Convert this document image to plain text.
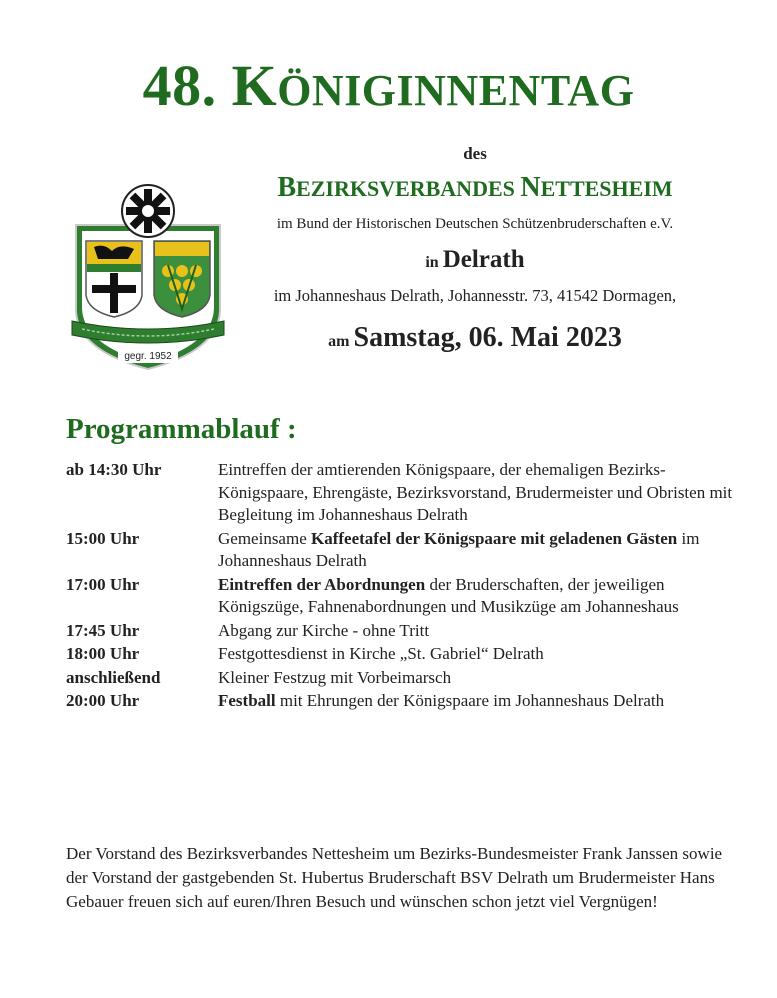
48. KÖNIGINNENTAG
des
BEZIRKSVERBANDES NETTESHEIM
im Bund der Historischen Deutschen Schützenbruderschaften e.V.
in Delrath
im Johanneshaus Delrath, Johannesstr. 73, 41542 Dormagen,
am Samstag, 06. Mai 2023
gegr. 1952
Programmablauf :
ab 14:30 Uhr	Eintreffen der amtierenden Königspaare, der ehemaligen Bezirks-Königspaare, Ehrengäste, Bezirksvorstand, Brudermeister und Obristen mit Begleitung im Johanneshaus Delrath
15:00 Uhr	Gemeinsame Kaffeetafel der Königspaare mit geladenen Gästen im Johanneshaus Delrath
17:00 Uhr	Eintreffen der Abordnungen der Bruderschaften, der jeweiligen Königszüge, Fahnenabordnungen und Musikzüge am Johanneshaus
17:45 Uhr	Abgang zur Kirche - ohne Tritt
18:00 Uhr	Festgottesdienst in Kirche „St. Gabriel“ Delrath
anschließend	Kleiner Festzug mit Vorbeimarsch
20:00 Uhr	Festball mit Ehrungen der Königspaare im Johanneshaus Delrath
Der Vorstand des Bezirksverbandes Nettesheim um Bezirks-Bundesmeister Frank Janssen sowie der Vorstand der gastgebenden St. Hubertus Bruderschaft BSV Delrath um Brudermeister Hans Gebauer freuen sich auf euren/Ihren Besuch und wünschen schon jetzt viel Vergnügen!
